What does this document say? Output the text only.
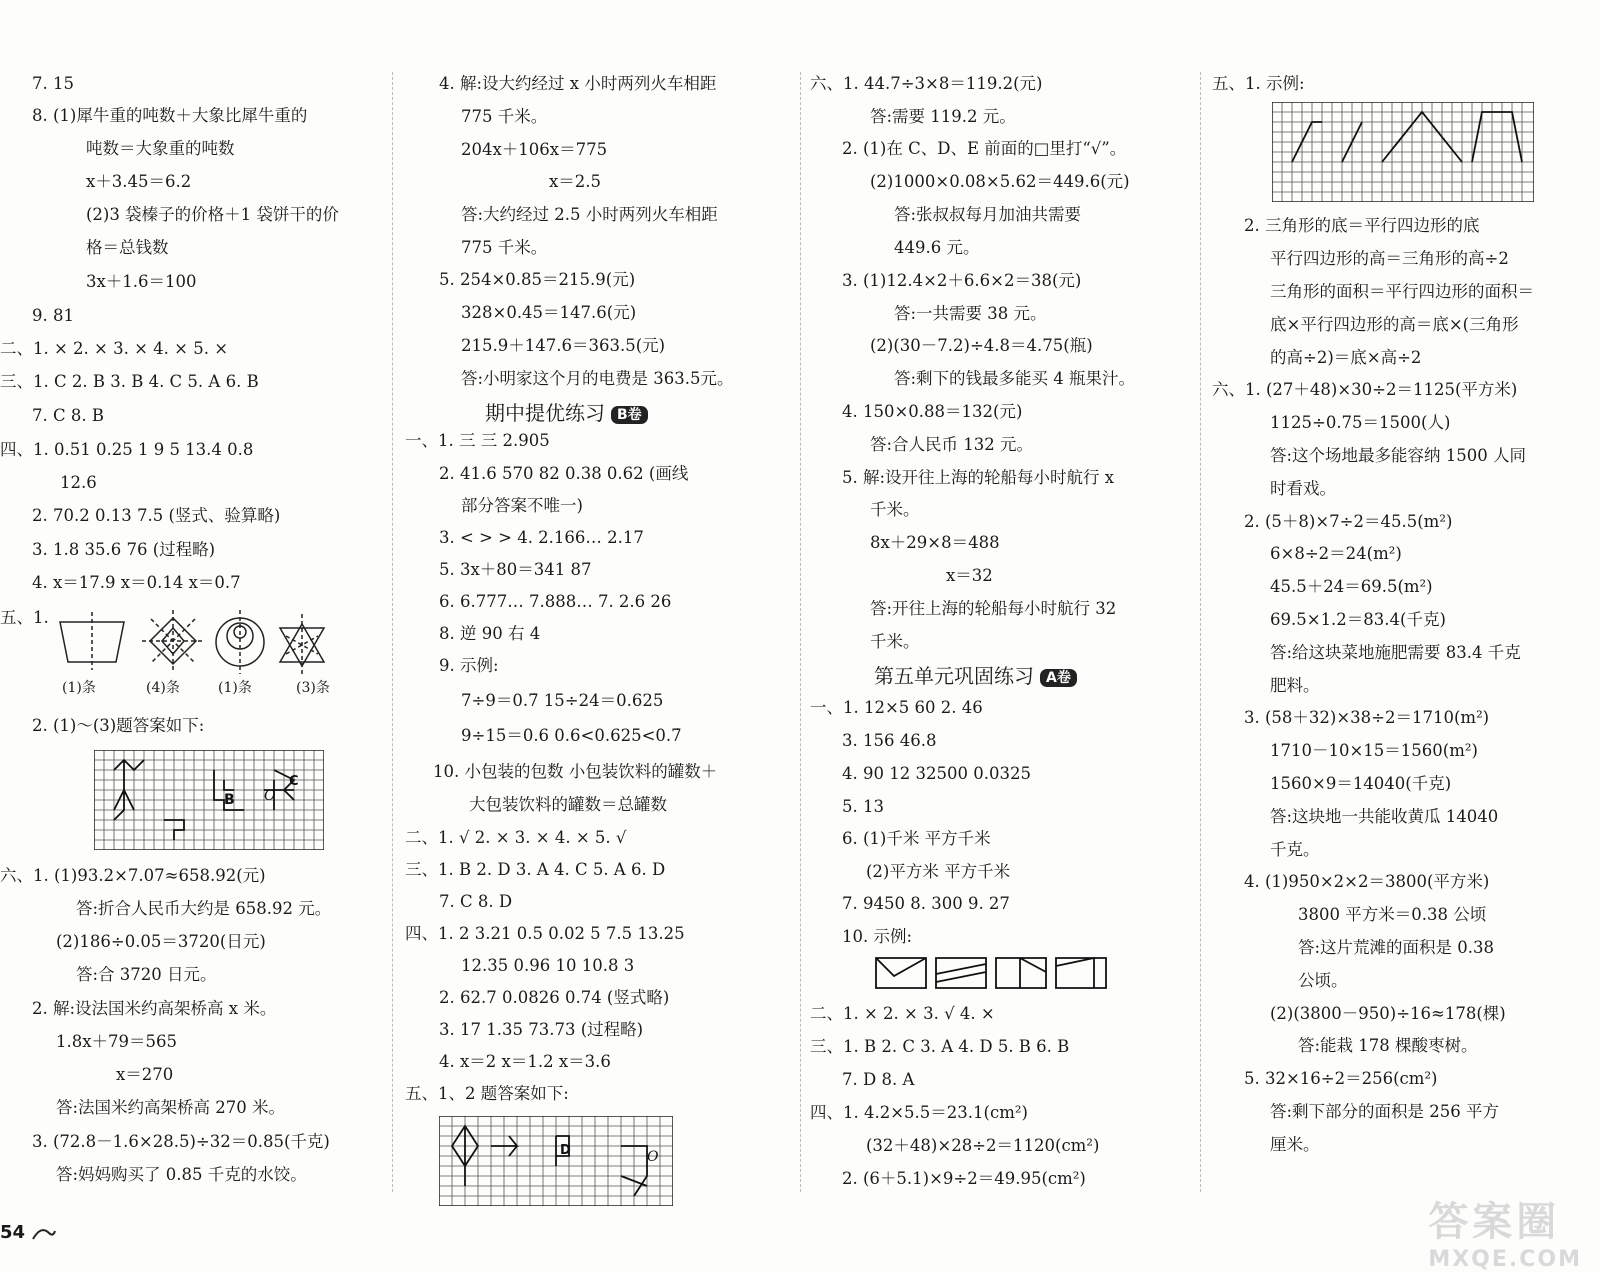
7. 15
8. (1)犀牛重的吨数＋大象比犀牛重的
吨数＝大象重的吨数
x＋3.45＝6.2
(2)3 袋榛子的价格＋1 袋饼干的价
格＝总钱数
3x＋1.6＝100
9. 81
二、1. × 2. × 3. × 4. × 5. ×
三、1. C 2. B 3. B 4. C 5. A 6. B
7. C 8. B
四、1. 0.51 0.25 1 9 5 13.4 0.8
12.6
2. 70.2 0.13 7.5 (竖式、验算略)
3. 1.8 35.6 76 (过程略)
4. x＝17.9 x＝0.14 x＝0.7
五、1.
(1)条	(4)条	(1)条	(3)条
2. (1)～(3)题答案如下:
B O
C
六、1. (1)93.2×7.07≈658.92(元)
答:折合人民币大约是 658.92 元。
(2)186÷0.05＝3720(日元)
答:合 3720 日元。
2. 解:设法国米约高架桥高 x 米。
1.8x＋79＝565
x＝270
答:法国米约高架桥高 270 米。
3. (72.8－1.6×28.5)÷32＝0.85(千克)
答:妈妈购买了 0.85 千克的水饺。
4. 解:设大约经过 x 小时两列火车相距
775 千米。
204x＋106x＝775
x＝2.5
答:大约经过 2.5 小时两列火车相距
775 千米。
5. 254×0.85＝215.9(元)
328×0.45＝147.6(元)
215.9＋147.6＝363.5(元)
答:小明家这个月的电费是 363.5元。
期中提优练习 B卷
一、1. 三 三 2.905
2. 41.6 570 82 0.38 0.62 (画线
部分答案不唯一)
3. < > > 4. 2.166… 2.17
5. 3x＋80＝341 87
6. 6.777… 7.888… 7. 2.6 26
8. 逆 90 右 4
9. 示例:
7÷9＝0.7̇ 15÷24＝0.625
9÷15＝0.6 0.6<0.625<0.7̇
10. 小包装的包数 小包装饮料的罐数＋
大包装饮料的罐数＝总罐数
二、1. √ 2. × 3. × 4. × 5. √
三、1. B 2. D 3. A 4. C 5. A 6. D
7. C 8. D
四、1. 2 3.21 0.5 0.02 5 7.5 13.25
12.35 0.96 10 10.8 3
2. 62.7 0.0826 0.74 (竖式略)
3. 17 1.35 73.73 (过程略)
4. x＝2 x＝1.2 x＝3.6
五、1、2 题答案如下:
D	O
六、1. 44.7÷3×8＝119.2(元)
答:需要 119.2 元。
2. (1)在 C、D、E 前面的□里打“√”。
(2)1000×0.08×5.62＝449.6(元)
答:张叔叔每月加油共需要
449.6 元。
3. (1)12.4×2＋6.6×2＝38(元)
答:一共需要 38 元。
(2)(30－7.2)÷4.8＝4.75(瓶)
答:剩下的钱最多能买 4 瓶果汁。
4. 150×0.88＝132(元)
答:合人民币 132 元。
5. 解:设开往上海的轮船每小时航行 x
千米。
8x＋29×8＝488
x＝32
答:开往上海的轮船每小时航行 32
千米。
第五单元巩固练习 A卷
一、1. 12×5 60 2. 46
3. 156 46.8
4. 90 12 32500 0.0325
5. 13
6. (1)千米 平方千米
(2)平方米 平方千米
7. 9450 8. 300 9. 27
10. 示例:
二、1. × 2. × 3. √ 4. ×
三、1. B 2. C 3. A 4. D 5. B 6. B
7. D 8. A
四、1. 4.2×5.5＝23.1(cm²)
(32＋48)×28÷2＝1120(cm²)
2. (6＋5.1)×9÷2＝49.95(cm²)
五、1. 示例:
2. 三角形的底＝平行四边形的底
平行四边形的高＝三角形的高÷2
三角形的面积＝平行四边形的面积＝
底×平行四边形的高＝底×(三角形
的高÷2)＝底×高÷2
六、1. (27＋48)×30÷2＝1125(平方米)
1125÷0.75＝1500(人)
答:这个场地最多能容纳 1500 人同
时看戏。
2. (5＋8)×7÷2＝45.5(m²)
6×8÷2＝24(m²)
45.5＋24＝69.5(m²)
69.5×1.2＝83.4(千克)
答:给这块菜地施肥需要 83.4 千克
肥料。
3. (58＋32)×38÷2＝1710(m²)
1710－10×15＝1560(m²)
1560×9＝14040(千克)
答:这块地一共能收黄瓜 14040
千克。
4. (1)950×2×2＝3800(平方米)
3800 平方米＝0.38 公顷
答:这片荒滩的面积是 0.38
公顷。
(2)(3800－950)÷16≈178(棵)
答:能栽 178 棵酸枣树。
5. 32×16÷2＝256(cm²)
答:剩下部分的面积是 256 平方
厘米。
54	答案圈
MXQE.COM
